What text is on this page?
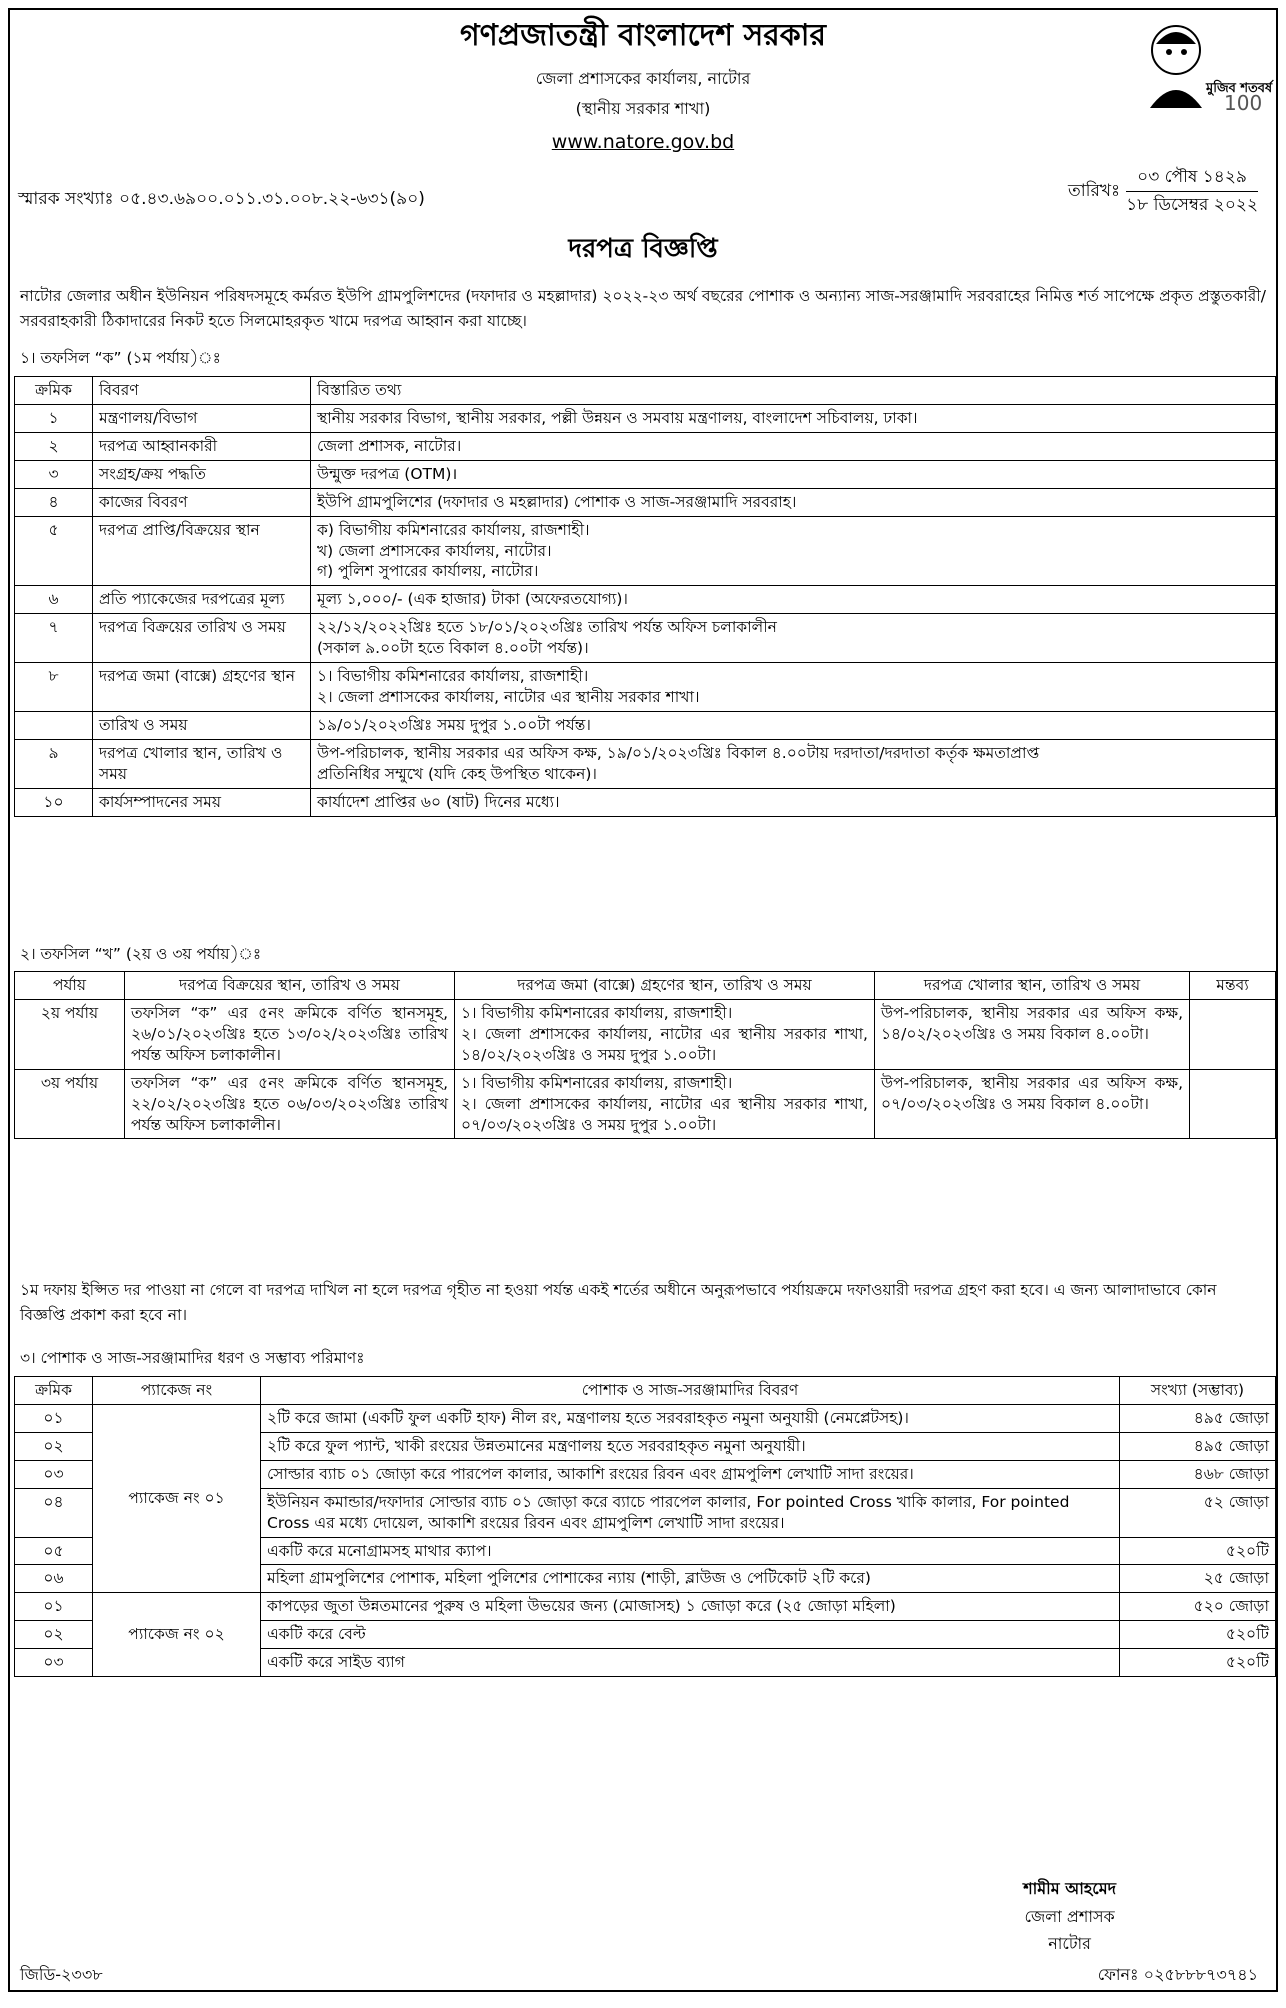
গণপ্রজাতন্ত্রী বাংলাদেশ সরকার
জেলা প্রশাসকের কার্যালয়, নাটোর
(স্থানীয় সরকার শাখা)
www.natore.gov.bd
মুজিব শতবর্ষ
100
স্মারক সংখ্যাঃ ০৫.৪৩.৬৯০০.০১১.৩১.০০৮.২২-৬৩১(৯০)	তারিখঃ
০৩ পৌষ ১৪২৯
১৮ ডিসেম্বর ২০২২
দরপত্র বিজ্ঞপ্তি
নাটোর জেলার অধীন ইউনিয়ন পরিষদসমূহে কর্মরত ইউপি গ্রামপুলিশদের (দফাদার ও মহল্লাদার) ২০২২-২৩ অর্থ বছরের পোশাক ও অন্যান্য সাজ-সরঞ্জামাদি সরবরাহের নিমিত্ত শর্ত সাপেক্ষে প্রকৃত প্রস্তুতকারী/সরবরাহকারী ঠিকাদারের নিকট হতে সিলমোহরকৃত খামে দরপত্র আহ্বান করা যাচ্ছে।
১। তফসিল “ক” (১ম পর্যায়)ঃ
ক্রমিক	বিবরণ	বিস্তারিত তথ্য
১	মন্ত্রণালয়/বিভাগ	স্থানীয় সরকার বিভাগ, স্থানীয় সরকার, পল্লী উন্নয়ন ও সমবায় মন্ত্রণালয়, বাংলাদেশ সচিবালয়, ঢাকা।

২	দরপত্র আহ্বানকারী	জেলা প্রশাসক, নাটোর।

৩	সংগ্রহ/ক্রয় পদ্ধতি	উন্মুক্ত দরপত্র (OTM)।

৪	কাজের বিবরণ	ইউপি গ্রামপুলিশের (দফাদার ও মহল্লাদার) পোশাক ও সাজ-সরঞ্জামাদি সরবরাহ।

৫	দরপত্র প্রাপ্তি/বিক্রয়ের স্থান	ক) বিভাগীয় কমিশনারের কার্যালয়, রাজশাহী।

খ) জেলা প্রশাসকের কার্যালয়, নাটোর।

গ) পুলিশ সুপারের কার্যালয়, নাটোর।

৬	প্রতি প্যাকেজের দরপত্রের মূল্য	মূল্য ১,০০০/- (এক হাজার) টাকা (অফেরতযোগ্য)।

৭	দরপত্র বিক্রয়ের তারিখ ও সময়	২২/১২/২০২২খ্রিঃ হতে ১৮/০১/২০২৩খ্রিঃ তারিখ পর্যন্ত অফিস চলাকালীন

(সকাল ৯.০০টা হতে বিকাল ৪.০০টা পর্যন্ত)।

৮	দরপত্র জমা (বাক্সে) গ্রহণের স্থান	১। বিভাগীয় কমিশনারের কার্যালয়, রাজশাহী।

২। জেলা প্রশাসকের কার্যালয়, নাটোর এর স্থানীয় সরকার শাখা।

	তারিখ ও সময়	১৯/০১/২০২৩খ্রিঃ সময় দুপুর ১.০০টা পর্যন্ত।

৯	দরপত্র খোলার স্থান, তারিখ ও সময়	উপ-পরিচালক, স্থানীয় সরকার এর অফিস কক্ষ, ১৯/০১/২০২৩খ্রিঃ বিকাল ৪.০০টায় দরদাতা/দরদাতা কর্তৃক ক্ষমতাপ্রাপ্ত

প্রতিনিধির সম্মুখে (যদি কেহ উপস্থিত থাকেন)।

১০	কার্যসম্পাদনের সময়	কার্যাদেশ প্রাপ্তির ৬০ (ষাট) দিনের মধ্যে।

২। তফসিল “খ” (২য় ও ৩য় পর্যায়)ঃ
পর্যায়	দরপত্র বিক্রয়ের স্থান, তারিখ ও সময়	দরপত্র জমা (বাক্সে) গ্রহণের স্থান, তারিখ ও সময়	দরপত্র খোলার স্থান, তারিখ ও সময়	মন্তব্য
২য় পর্যায়	তফসিল “ক” এর ৫নং ক্রমিকে বর্ণিত স্থানসমূহ, ২৬/০১/২০২৩খ্রিঃ হতে ১৩/০২/২০২৩খ্রিঃ তারিখ পর্যন্ত অফিস চলাকালীন।	১। বিভাগীয় কমিশনারের কার্যালয়, রাজশাহী।

২। জেলা প্রশাসকের কার্যালয়, নাটোর এর স্থানীয় সরকার শাখা, ১৪/০২/২০২৩খ্রিঃ ও সময় দুপুর ১.০০টা।	উপ-পরিচালক, স্থানীয় সরকার এর অফিস কক্ষ, ১৪/০২/২০২৩খ্রিঃ ও সময় বিকাল ৪.০০টা।	
৩য় পর্যায়	তফসিল “ক” এর ৫নং ক্রমিকে বর্ণিত স্থানসমূহ, ২২/০২/২০২৩খ্রিঃ হতে ০৬/০৩/২০২৩খ্রিঃ তারিখ পর্যন্ত অফিস চলাকালীন।	১। বিভাগীয় কমিশনারের কার্যালয়, রাজশাহী।

২। জেলা প্রশাসকের কার্যালয়, নাটোর এর স্থানীয় সরকার শাখা, ০৭/০৩/২০২৩খ্রিঃ ও সময় দুপুর ১.০০টা।	উপ-পরিচালক, স্থানীয় সরকার এর অফিস কক্ষ, ০৭/০৩/২০২৩খ্রিঃ ও সময় বিকাল ৪.০০টা।	
১ম দফায় ইপ্সিত দর পাওয়া না গেলে বা দরপত্র দাখিল না হলে দরপত্র গৃহীত না হওয়া পর্যন্ত একই শর্তের অধীনে অনুরূপভাবে পর্যায়ক্রমে দফাওয়ারী দরপত্র গ্রহণ করা হবে। এ জন্য আলাদাভাবে কোন বিজ্ঞপ্তি প্রকাশ করা হবে না।
৩। পোশাক ও সাজ-সরঞ্জামাদির ধরণ ও সম্ভাব্য পরিমাণঃ
ক্রমিক	প্যাকেজ নং	পোশাক ও সাজ-সরঞ্জামাদির বিবরণ	সংখ্যা (সম্ভাব্য)
০১	প্যাকেজ নং ০১	২টি করে জামা (একটি ফুল একটি হাফ) নীল রং, মন্ত্রণালয় হতে সরবরাহকৃত নমুনা অনুযায়ী (নেমপ্লেটসহ)।	৪৯৫ জোড়া
০২		২টি করে ফুল প্যান্ট, খাকী রংয়ের উন্নতমানের মন্ত্রণালয় হতে সরবরাহকৃত নমুনা অনুযায়ী।	৪৯৫ জোড়া
০৩		সোল্ডার ব্যাচ ০১ জোড়া করে পারপেল কালার, আকাশি রংয়ের রিবন এবং গ্রামপুলিশ লেখাটি সাদা রংয়ের।	৪৬৮ জোড়া
০৪		ইউনিয়ন কমান্ডার/দফাদার সোল্ডার ব্যাচ ০১ জোড়া করে ব্যাচে পারপেল কালার, For pointed Cross খাকি কালার, For pointed Cross এর মধ্যে দোয়েল, আকাশি রংয়ের রিবন এবং গ্রামপুলিশ লেখাটি সাদা রংয়ের।	৫২ জোড়া
০৫		একটি করে মনোগ্রামসহ মাথার ক্যাপ।	৫২০টি
০৬		মহিলা গ্রামপুলিশের পোশাক, মহিলা পুলিশের পোশাকের ন্যায় (শাড়ী, ব্লাউজ ও পেটিকোট ২টি করে)	২৫ জোড়া
০১	প্যাকেজ নং ০২	কাপড়ের জুতা উন্নতমানের পুরুষ ও মহিলা উভয়ের জন্য (মোজাসহ) ১ জোড়া করে (২৫ জোড়া মহিলা)	৫২০ জোড়া
০২		একটি করে বেল্ট	৫২০টি
০৩		একটি করে সাইড ব্যাগ	৫২০টি
শামীম আহমেদ
জেলা প্রশাসক
নাটোর
ফোনঃ ০২৫৮৮৮৭৩৭৪১
জিডি-২৩৩৮
